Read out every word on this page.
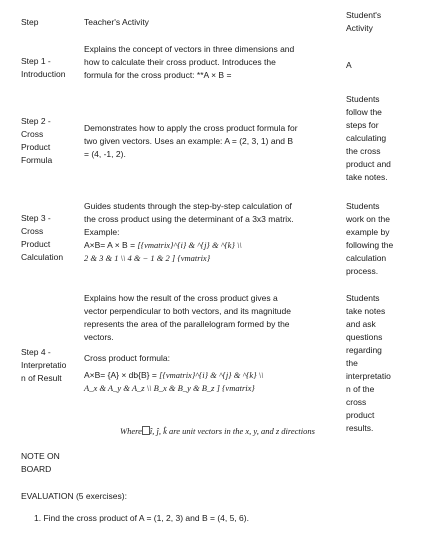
Step	Teacher's Activity
Student's
Activity
Step 1 -
Introduction
Explains the concept of vectors in three dimensions and
how to calculate their cross product. Introduces the
formula for the cross product: **A × B =
A
Step 2 -
Cross
Product
Formula
Demonstrates how to apply the cross product formula for
two given vectors. Uses an example: A = (2, 3, 1) and B
= (4, -1, 2).
Students
follow the
steps for
calculating
the cross
product and
take notes.
Step 3 -
Cross
Product
Calculation
Guides students through the step-by-step calculation of
the cross product using the determinant of a 3x3 matrix.
Example:
A×B= A × B = [{vmatrix}^{i} & ^{j} & ^{k} \\
2 & 3 & 1 \\ 4 & − 1 & 2 ] {vmatrix}
Students
work on the
example by
following the
calculation
process.
Step 4 -
Interpretatio
n of Result
Explains how the result of the cross product gives a
vector perpendicular to both vectors, and its magnitude
represents the area of the parallelogram formed by the
vectors.
Cross product formula:
A×B= {A} × db{B} = [{vmatrix}^{i} & ^{j} & ^{k} \\
A_x & A_y & A_z \\ B_x & B_y & B_z ] {vmatrix}
Where î, ĵ, k̂ are unit vectors in the x, y, and z directions
Students
take notes
and ask
questions
regarding
the
interpretatio
n of the
cross
product
results.
NOTE ON
BOARD
EVALUATION (5 exercises):
1. Find the cross product of A = (1, 2, 3) and B = (4, 5, 6).
